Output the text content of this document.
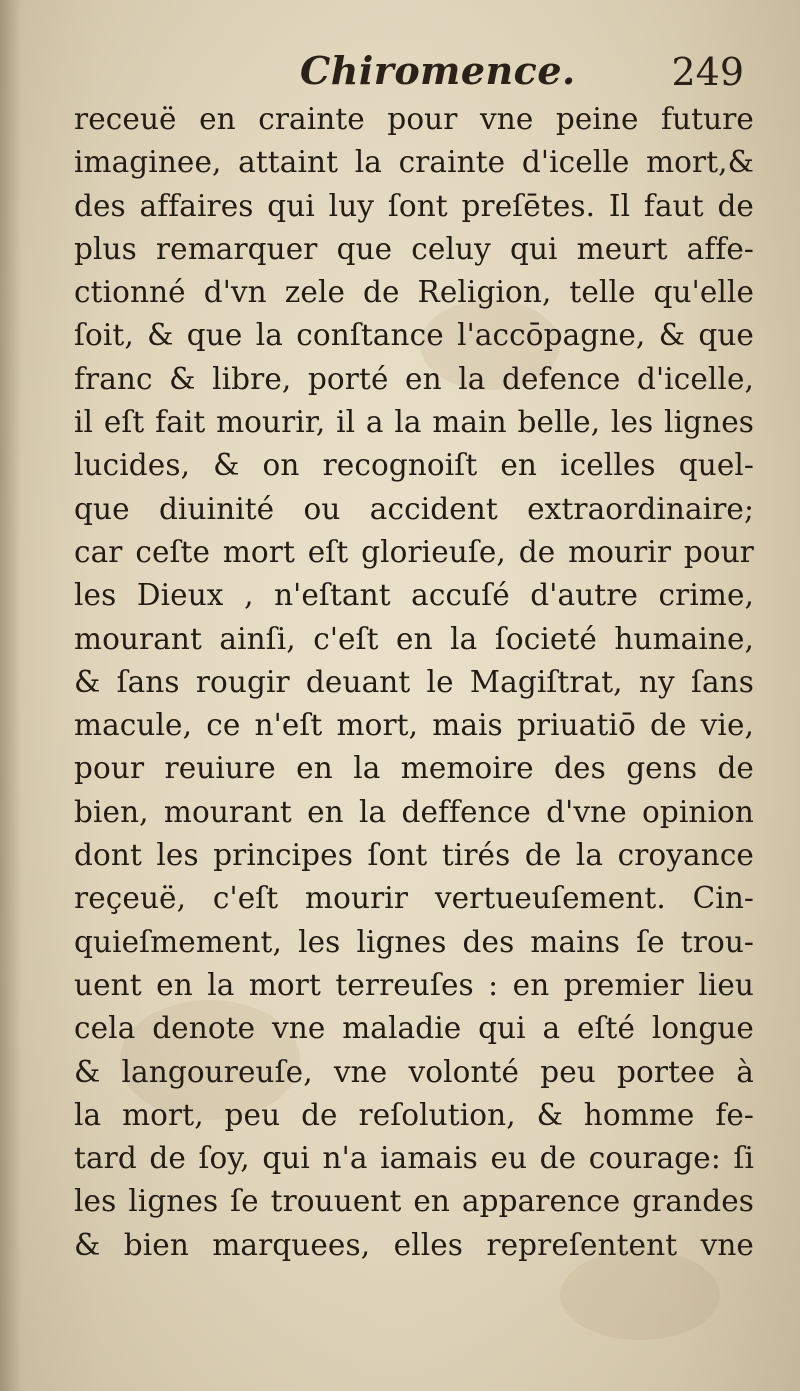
Chiromence.	249
receuë en crainte pour vne peine future
imaginee, attaint la crainte d'icelle mort,&
des affaires qui luy ſont preſētes. Il faut de
plus remarquer que celuy qui meurt affe-
ctionné d'vn zele de Religion, telle qu'elle
ſoit, & que la conſtance l'accōpagne, & que
franc & libre, porté en la defence d'icelle,
il eſt fait mourir, il a la main belle, les lignes
lucides, & on recognoiſt en icelles quel-
que diuinité ou accident extraordinaire;
car ceſte mort eſt glorieuſe, de mourir pour
les Dieux , n'eſtant accuſé d'autre crime,
mourant ainſi, c'eſt en la ſocieté humaine,
& ſans rougir deuant le Magiſtrat, ny ſans
macule, ce n'eſt mort, mais priuatiō de vie,
pour reuiure en la memoire des gens de
bien, mourant en la deffence d'vne opinion
dont les principes ſont tirés de la croyance
reçeuë, c'eſt mourir vertueuſement. Cin-
quieſmement, les lignes des mains ſe trou-
uent en la mort terreuſes : en premier lieu
cela denote vne maladie qui a eſté longue
& langoureuſe, vne volonté peu portee à
la mort, peu de reſolution, & homme fe-
tard de ſoy, qui n'a iamais eu de courage: ſi
les lignes ſe trouuent en apparence grandes
& bien marquees, elles repreſentent vne
